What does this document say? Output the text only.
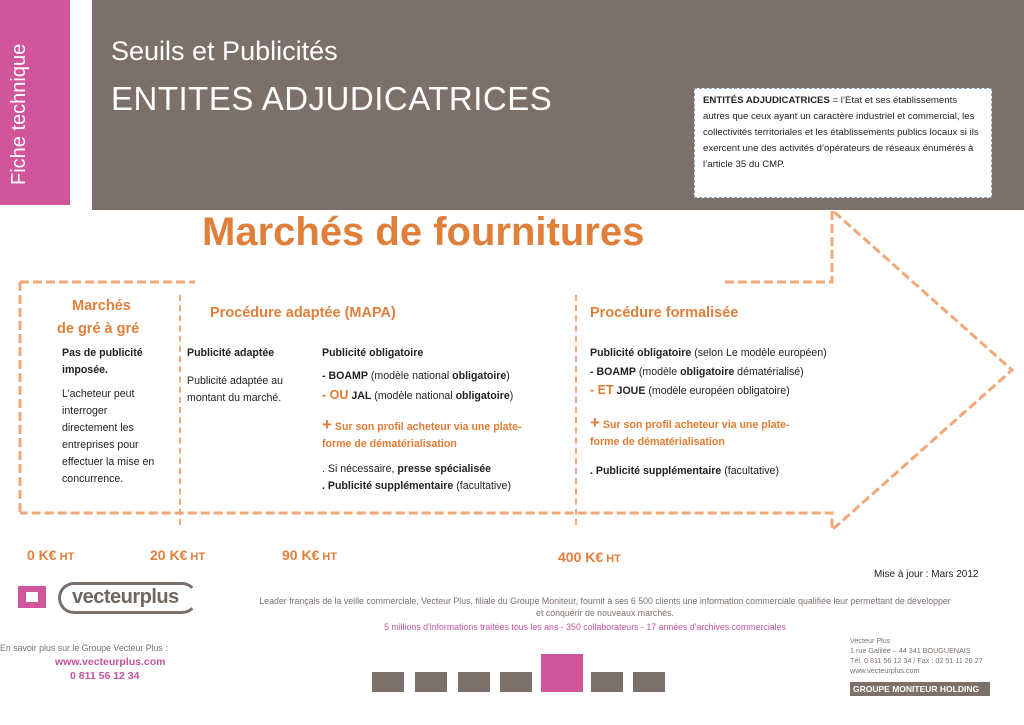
Fiche technique	Seuils et Publicités
ENTITES ADJUDICATRICES	ENTITÉS ADJUDICATRICES = l’Etat et ses établissements autres que ceux ayant un caractère industriel et commercial, les collectivités territoriales et les établissements publics locaux si ils exercent une des activités d’opérateurs de réseaux énumérés à l’article 35 du CMP.
Marchés de fournitures
Marchés
de gré à gré
Pas de publicité
imposée.

L’acheteur peut
interroger
directement les
entreprises pour
effectuer la mise en
concurrence.
Procédure adaptée (MAPA)
Publicité adaptée
Publicité adaptée au
montant du marché.
Publicité obligatoire
- BOAMP (modèle national obligatoire)
- OU JAL (modèle national obligatoire)
+ Sur son profil acheteur via une plate-
forme de dématérialisation
. Si nécessaire, presse spécialisée
. Publicité supplémentaire (facultative)
Procédure formalisée
Publicité obligatoire (selon Le modèle européen)
- BOAMP (modèle obligatoire dématérialisé)
- ET JOUE (modèle européen obligatoire)
+ Sur son profil acheteur via une plate-
forme de dématérialisation
. Publicité supplémentaire (facultative)
0 K€ HT	20 K€ HT	90 K€ HT	400 K€ HT
Mise à jour : Mars 2012
vecteurplus	Leader français de la veille commerciale, Vecteur Plus, filiale du Groupe Moniteur, fournit à ses 6 500 clients une information commerciale qualifiée leur permettant de développer
et conquérir de nouveaux marchés.
5 millions d'informations traitées tous les ans - 350 collaborateurs - 17 années d'archives commerciales
En savoir plus sur le Groupe Vecteur Plus :
www.vecteurplus.com
0 811 56 12 34
Vecteur Plus
1 rue Galilée – 44 341 BOUGUENAIS
Tél. 0 811 56 12 34 / Fax : 02 51 11 26 27
www.vecteurplus.com
GROUPE MONITEUR HOLDING
